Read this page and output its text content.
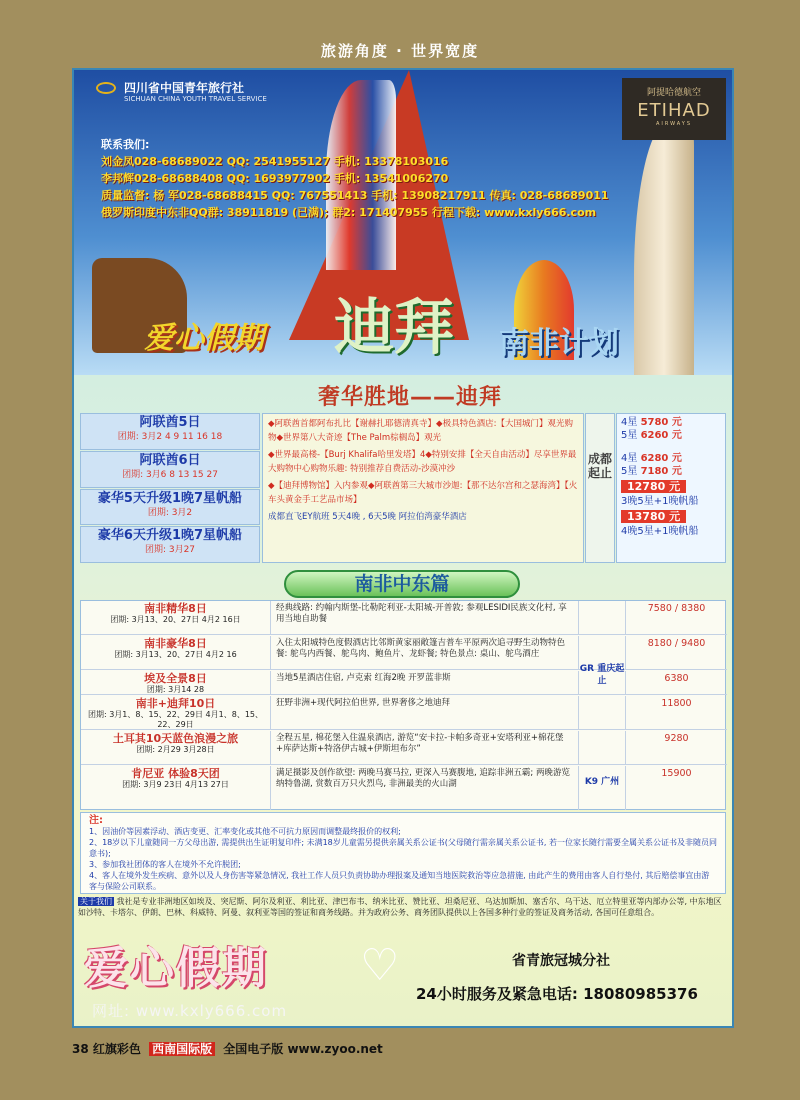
旅游角度 · 世界宽度
四川省中国青年旅行社
SICHUAN CHINA YOUTH TRAVEL SERVICE
阿提哈德航空
ETIHAD
AIRWAYS
联系我们:
刘金凤028-68689022 QQ: 2541955127 手机: 13378103016
李邦辉028-68688408 QQ: 1693977902 手机: 13541006270
质量监督: 杨 军028-68688415 QQ: 767551413 手机: 13908217911 传真: 028-68689011
俄罗斯印度中东非QQ群: 38911819 (已满); 群2: 171407955 行程下载: www.kxly666.com
爱心假期 迪拜 南非计划
奢华胜地——迪拜
阿联酋5日
团期: 3月2 4 9 11 16 18
阿联酋6日
团期: 3月6 8 13 15 27
豪华5天升级1晚7星帆船
团期: 3月2
豪华6天升级1晚7星帆船
团期: 3月27

◆阿联酋首都阿布扎比【谢赫扎耶德清真寺】◆极具特色酒店:【大国城门】观光购物◆世界第八大奇迹【The Palm棕榈岛】观光

◆世界最高楼-【Burj Khalifa哈里发塔】4◆特别安排【全天自由活动】尽享世界最大购物中心购物乐趣: 特别推荐自费活动-沙漠冲沙

◆【迪拜博物馆】入内参观◆阿联酋第三大城市沙迦:【那不达尔宫和之瑟海湾】【火车头黄金手工艺品市场】

成都直飞EY航班 5天4晚 , 6天5晚 阿拉伯湾豪华酒店

成都起止
4星 5780 元
5星 6260 元
4星 6280 元
5星 7180 元
12780 元
3晚5星+1晚帆船
13780 元
4晚5星+1晚帆船
南非中东篇
南非精华8日
团期: 3月13、20、27日 4月2 16日
经典线路: 约翰内斯堡-比勒陀利亚-太阳城-开普敦; 参观LESIDI民族文化村, 享用当地自助餐
7580 / 8380
南非豪华8日
团期: 3月13、20、27日 4月2 16
入住太阳城特色度假酒店比邻斯黄家丽敞篷吉普车平原两次追寻野生动物特色餐: 鸵鸟内西餐、鸵鸟肉、鲍鱼片、龙虾餐; 特色景点: 桌山、鸵鸟酒庄
8180 / 9480
埃及全景8日
团期: 3月14 28
当地5星酒店住宿, 卢克索 红海2晚 开罗蓝非斯	6380
南非+迪拜10日
团期: 3月1、8、15、22、29日 4月1、8、15、22、29日
狂野非洲+现代阿拉伯世界, 世界奢侈之地迪拜	11800
土耳其10天蓝色浪漫之旅
团期: 2月29 3月28日
全程五星, 棉花堡入住温泉酒店, 游览“安卡拉-卡帕多奇亚+安塔利亚+棉花堡+库萨达斯+特洛伊古城+伊斯坦布尔”
9280
肯尼亚 体验8天团
团期: 3月9 23日 4月13 27日
满足摄影及创作欲望: 两晚马赛马拉, 更深入马赛腹地, 追踪非洲五霸; 两晚游览纳特鲁湖, 赏数百万只火烈鸟, 非洲最美的火山湖
15900
GR 重庆起止
K9 广州
注:
1、因油价等因素浮动、酒店变更、汇率变化或其他不可抗力原因而调整最终报价的权利;
2、18岁以下儿童随同一方父母出游, 需提供出生证明复印件; 未满18岁儿童需另提供亲属关系公证书(父母随行需亲属关系公证书, 若一位家长随行需要全属关系公证书及非随员同意书);
3、参加我社团体的客人在境外不允许脱团;
4、客人在境外发生疾病、意外以及人身伤害等紧急情况, 我社工作人员只负责协助办理报案及通知当地医院救治等应急措施, 由此产生的费用由客人自行垫付, 其后赔偿事宜由游客与保险公司联系。
关于我们 我社是专业非洲地区如埃及、突尼斯、阿尔及利亚、利比亚、津巴布韦、纳米比亚、赞比亚、坦桑尼亚、乌达加斯加、塞舌尔、乌干达、厄立特里亚等内部办公等, 中东地区如沙特、卡塔尔、伊朗、巴林、科威特、阿曼、叙利亚等国的签证和商务线路。并为政府公务、商务团队提供以上各国多种行业的签证及商务活动, 各国可任意组合。
爱心假期 ♡
网址: www.kxly666.com
省青旅冠城分社
24小时服务及紧急电话: 18080985376
38 红旗彩色 西南国际版 全国电子版 www.zyoo.net
